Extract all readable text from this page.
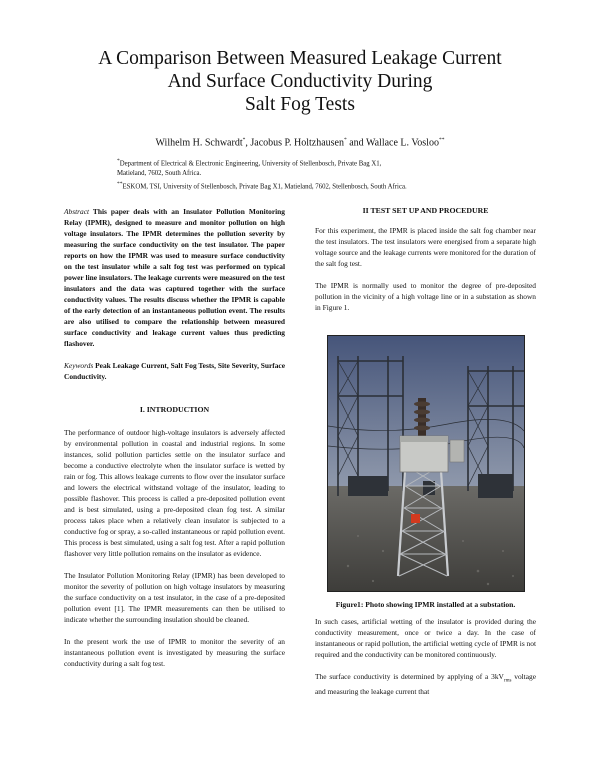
A Comparison Between Measured Leakage Current
And Surface Conductivity During
Salt Fog Tests
Wilhelm H. Schwardt*, Jacobus P. Holtzhausen* and Wallace L. Vosloo**
*Department of Electrical & Electronic Engineering, University of Stellenbosch, Private Bag X1,
Matieland, 7602, South Africa.
**ESKOM, TSI, University of Stellenbosch, Private Bag X1, Matieland, 7602, Stellenbosch, South Africa.

Abstract This paper deals with an Insulator Pollution Monitoring Relay (IPMR), designed to measure and monitor pollution on high voltage insulators. The IPMR determines the pollution severity by measuring the surface conductivity on the test insulator. The paper reports on how the IPMR was used to measure surface conductivity on the test insulator while a salt fog test was performed on typical power line insulators. The leakage currents were measured on the test insulators and the data was captured together with the surface conductivity values. The results discuss whether the IPMR is capable of the early detection of an instantaneous pollution event. The results are also utilised to compare the relationship between measured surface conductivity and leakage current values thus predicting flashover.

Keywords Peak Leakage Current, Salt Fog Tests, Site Severity, Surface Conductivity.

I. INTRODUCTION

The performance of outdoor high-voltage insulators is adversely affected by environmental pollution in coastal and industrial regions. In some instances, solid pollution particles settle on the insulator surface and become a conductive electrolyte when the insulator surface is wetted by rain or fog. This allows leakage currents to flow over the insulator surface and lowers the electrical withstand voltage of the insulator, leading to possible flashover. This process is called a pre-deposited pollution event and is best simulated, using a pre-deposited clean fog test. A similar process takes place when a relatively clean insulator is subjected to a conductive fog or spray, a so-called instantaneous or rapid pollution event. This process is best simulated, using a salt fog test. After a rapid pollution flashover very little pollution remains on the insulator as evidence.

The Insulator Pollution Monitoring Relay (IPMR) has been developed to monitor the severity of pollution on high voltage insulators by measuring the surface conductivity on a test insulator, in the case of a pre-deposited pollution event [1]. The IPMR measurements can then be utilised to indicate whether the surrounding insulation should be cleaned.

In the present work the use of IPMR to monitor the severity of an instantaneous pollution event is investigated by measuring the surface conductivity during a salt fog test.

II TEST SET UP AND PROCEDURE

For this experiment, the IPMR is placed inside the salt fog chamber near the test insulators. The test insulators were energised from a separate high voltage source and the leakage currents were monitored for the duration of the salt fog test.

The IPMR is normally used to monitor the degree of pre-deposited pollution in the vicinity of a high voltage line or in a substation as shown in Figure 1.

Figure1: Photo showing IPMR installed at a substation.

In such cases, artificial wetting of the insulator is provided during the conductivity measurement, once or twice a day. In the case of instantaneous or rapid pollution, the artificial wetting cycle of IPMR is not required and the conductivity can be monitored continuously.

The surface conductivity is determined by applying of a $3kV_{rms}$ voltage and measuring the leakage current that
